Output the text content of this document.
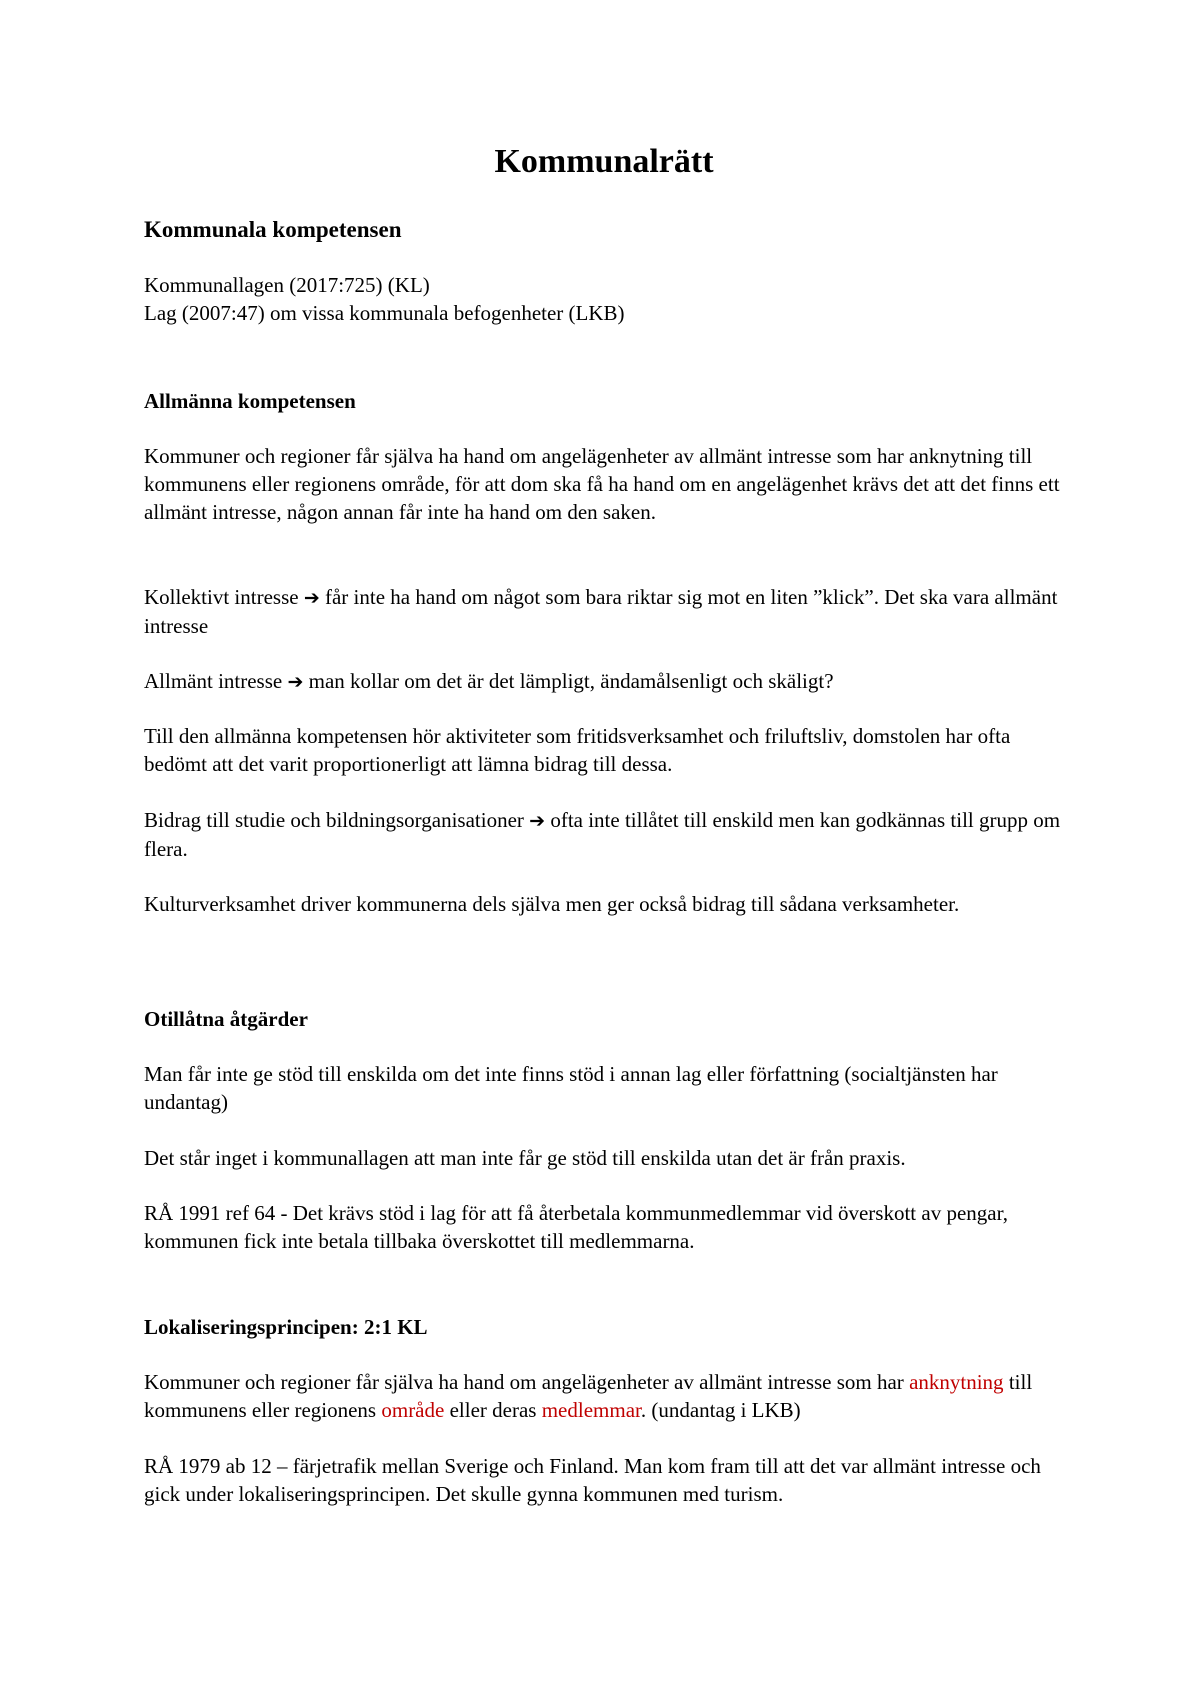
Kommunalrätt

Kommunala kompetensen

Kommunallagen (2017:725) (KL)

Lag (2007:47) om vissa kommunala befogenheter (LKB)

Allmänna kompetensen

Kommuner och regioner får själva ha hand om angelägenheter av allmänt intresse som har anknytning till kommunens eller regionens område, för att dom ska få ha hand om en angelägenhet krävs det att det finns ett allmänt intresse, någon annan får inte ha hand om den saken.

Kollektivt intresse ➔ får inte ha hand om något som bara riktar sig mot en liten ”klick”. Det ska vara allmänt intresse

Allmänt intresse ➔ man kollar om det är det lämpligt, ändamålsenligt och skäligt?

Till den allmänna kompetensen hör aktiviteter som fritidsverksamhet och friluftsliv, domstolen har ofta bedömt att det varit proportionerligt att lämna bidrag till dessa.

Bidrag till studie och bildningsorganisationer ➔ ofta inte tillåtet till enskild men kan godkännas till grupp om flera.

Kulturverksamhet driver kommunerna dels själva men ger också bidrag till sådana verksamheter.

Otillåtna åtgärder

Man får inte ge stöd till enskilda om det inte finns stöd i annan lag eller författning (socialtjänsten har undantag)

Det står inget i kommunallagen att man inte får ge stöd till enskilda utan det är från praxis.

RÅ 1991 ref 64 - Det krävs stöd i lag för att få återbetala kommunmedlemmar vid överskott av pengar, kommunen fick inte betala tillbaka överskottet till medlemmarna.

Lokaliseringsprincipen: 2:1 KL

Kommuner och regioner får själva ha hand om angelägenheter av allmänt intresse som har anknytning till kommunens eller regionens område eller deras medlemmar. (undantag i LKB)

RÅ 1979 ab 12 – färjetrafik mellan Sverige och Finland. Man kom fram till att det var allmänt intresse och gick under lokaliseringsprincipen. Det skulle gynna kommunen med turism.
